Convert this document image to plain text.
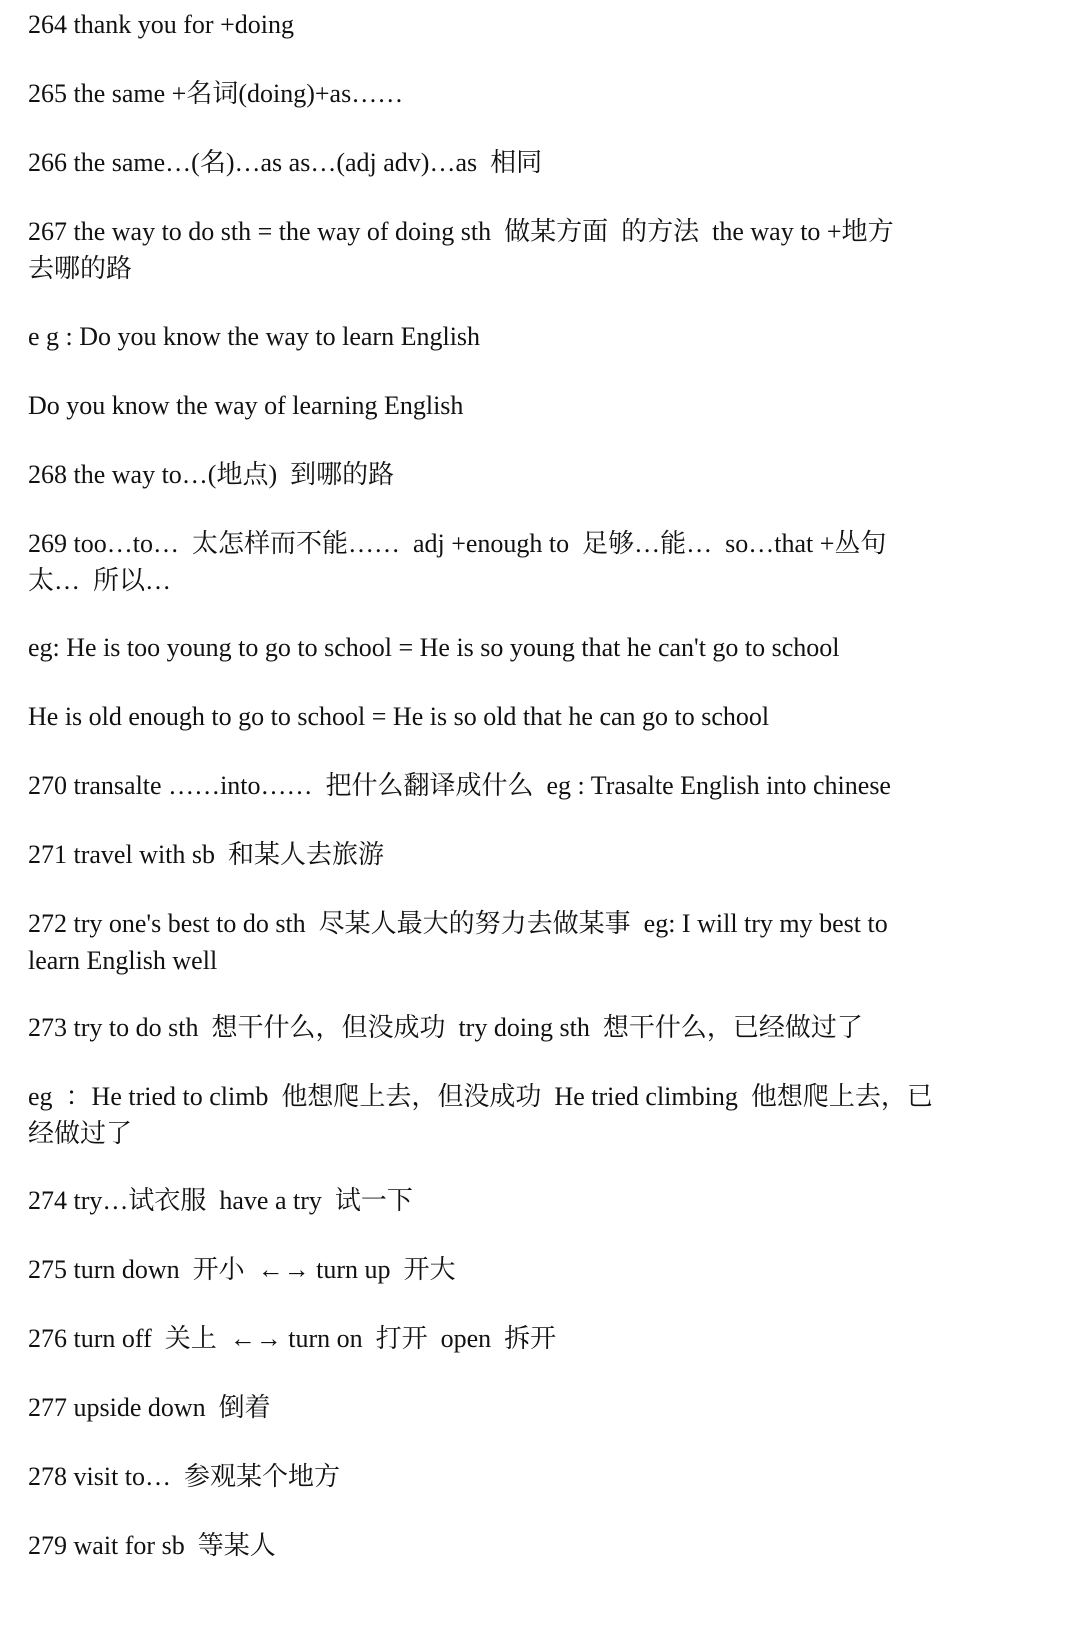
264 thank you for +doing

265 the same +名词(doing)+as……

266 the same…(名)…as as…(adj adv)…as  相同

267 the way to do sth = the way of doing sth  做某方面  的方法  the way to +地方
去哪的路

e g : Do you know the way to learn English

Do you know the way of learning English

268 the way to…(地点)  到哪的路

269 too…to…  太怎样而不能……  adj +enough to  足够…能…  so…that +丛句
太…  所以…

eg: He is too young to go to school = He is so young that he can't go to school

He is old enough to go to school = He is so old that he can go to school

270 transalte ……into……  把什么翻译成什么  eg : Trasalte English into chinese

271 travel with sb  和某人去旅游

272 try one's best to do sth  尽某人最大的努力去做某事  eg: I will try my best to
learn English well

273 try to do sth  想干什么，但没成功  try doing sth  想干什么，已经做过了

eg  ：He tried to climb  他想爬上去，但没成功  He tried climbing  他想爬上去，已
经做过了

274 try…试衣服  have a try  试一下

275 turn down  开小  ←→ turn up  开大

276 turn off  关上  ←→ turn on  打开  open  拆开

277 upside down  倒着

278 visit to…  参观某个地方

279 wait for sb  等某人
